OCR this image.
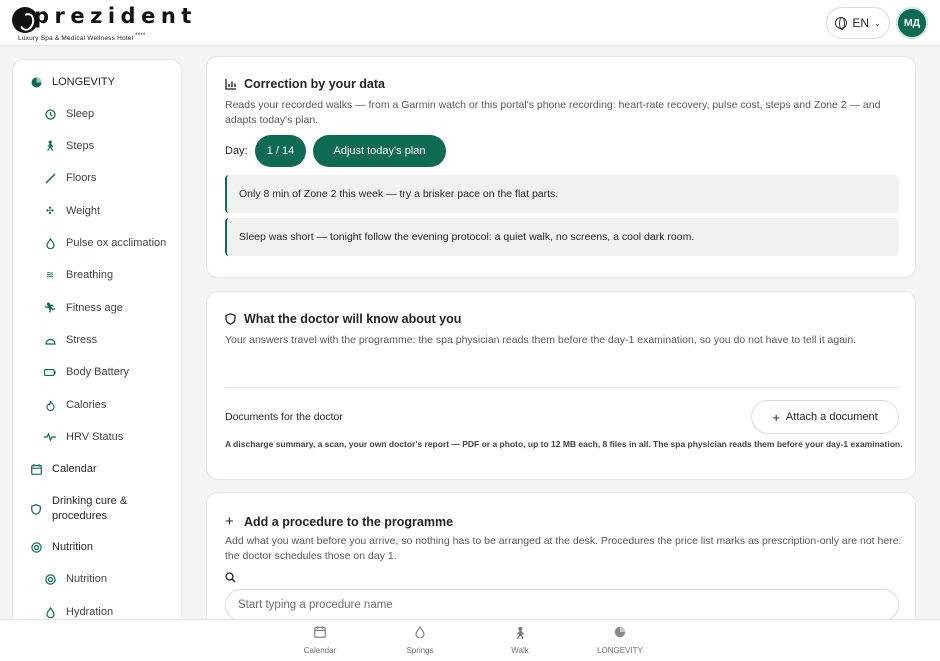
prezident
Luxury Spa & Medical Wellness Hotel ****
EN ⌄	МД
LONGEVITY
Sleep
🚶︎ Steps
Floors
✣ Weight
Pulse ox acclimation
≋ Breathing
🏃︎ Fitness age
Stress
Body Battery
Calories
HRV Status
Calendar
Drinking cure & procedures
Nutrition
Nutrition
Hydration
Correction by your data
Reads your recorded walks — from a Garmin watch or this portal's phone recording: heart-rate recovery, pulse cost, steps and Zone 2 — and adapts today's plan.
Day:	1 / 14	Adjust today's plan
Only 8 min of Zone 2 this week — try a brisker pace on the flat parts.
Sleep was short — tonight follow the evening protocol: a quiet walk, no screens, a cool dark room.
What the doctor will know about you
Your answers travel with the programme: the spa physician reads them before the day-1 examination, so you do not have to tell it again.
Documents for the doctor	+ Attach a document
A discharge summary, a scan, your own doctor's report — PDF or a photo, up to 12 MB each, 8 files in all. The spa physician reads them before your day-1 examination.
+ Add a procedure to the programme
Add what you want before you arrive, so nothing has to be arranged at the desk. Procedures the price list marks as prescription-only are not here: the doctor schedules those on day 1.
Start typing a procedure name
Calendar	Springs
🚶︎
Walk	LONGEVITY
